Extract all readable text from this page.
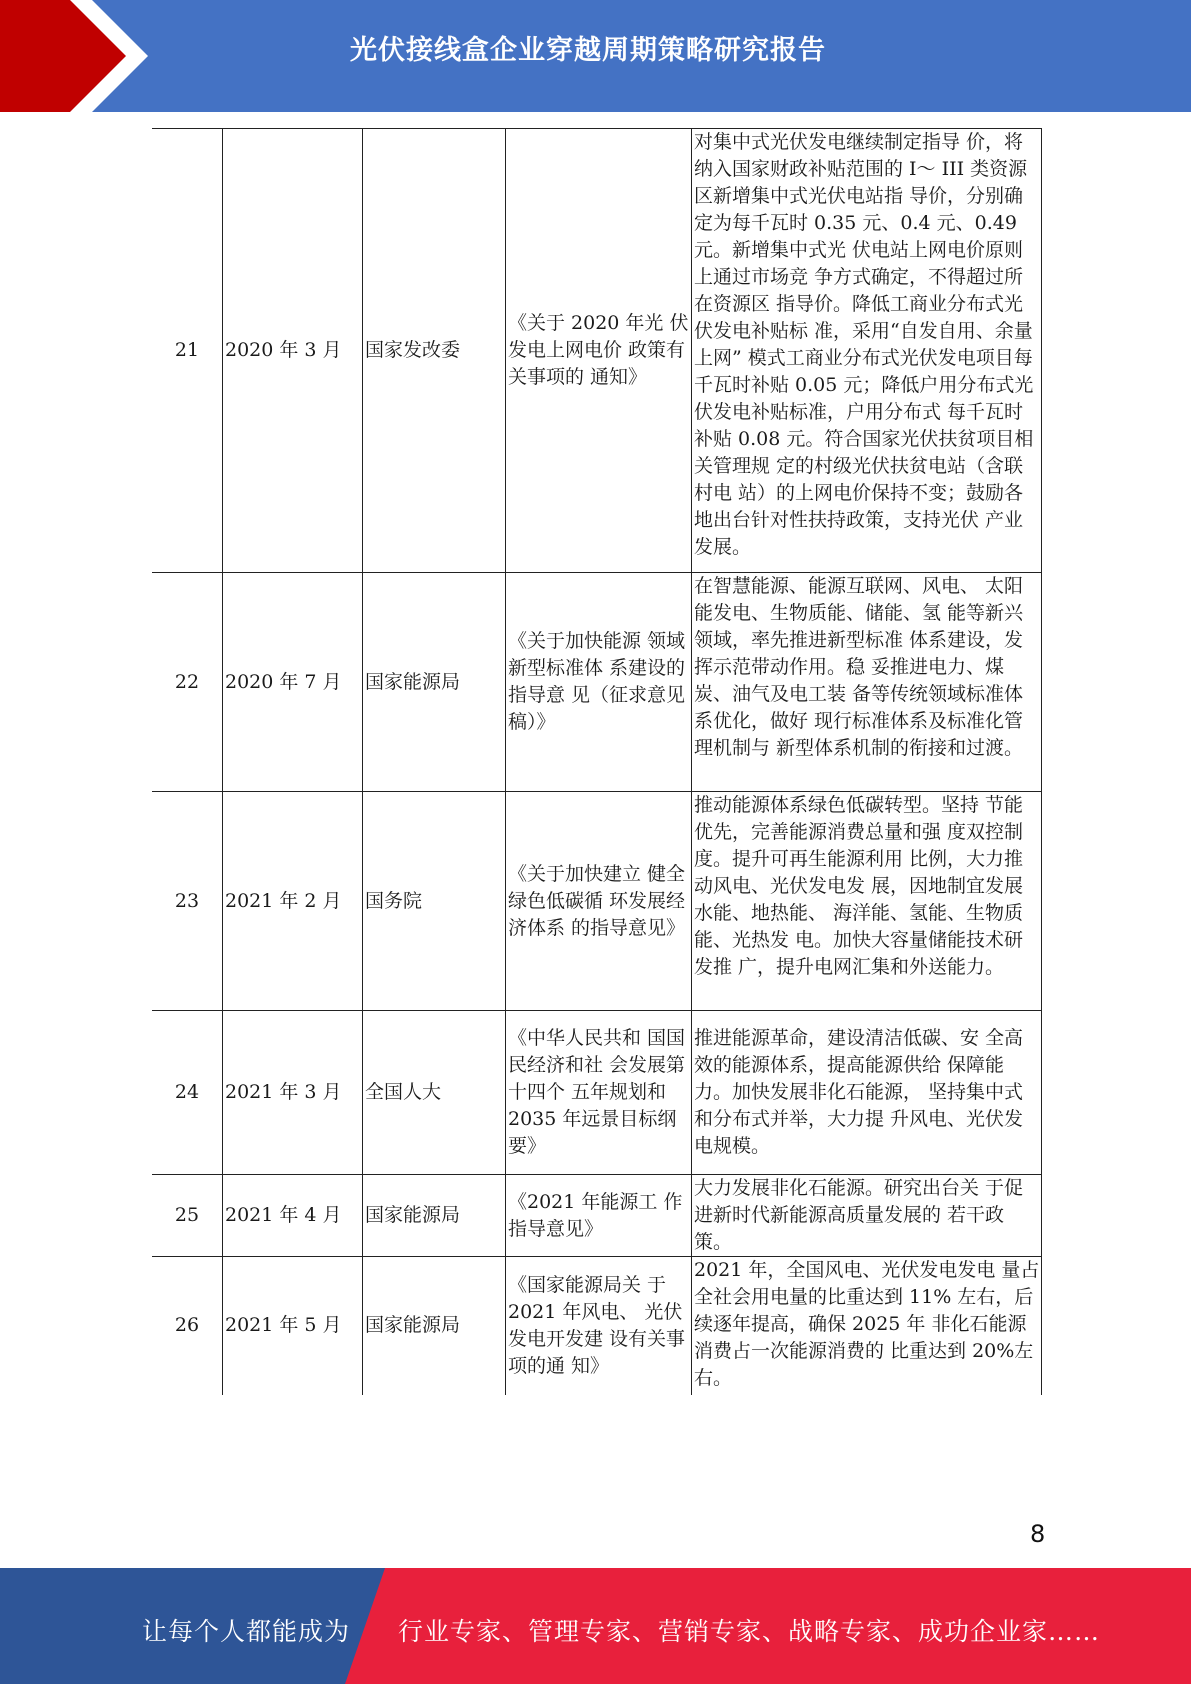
光伏接线盒企业穿越周期策略研究报告
21	2020 年 3 月	国家发改委	《关于 2020 年光 伏发电上网电价 政策有关事项的 通知》	对集中式光伏发电继续制定指导 价，将纳入国家财政补贴范围的 I～ III 类资源区新增集中式光伏电站指 导价，分别确定为每千瓦时 0.35 元、0.4 元、0.49 元。新增集中式光 伏电站上网电价原则上通过市场竞 争方式确定，不得超过所在资源区 指导价。降低工商业分布式光伏发电补贴标 准，采用“自发自用、余量上网” 模式工商业分布式光伏发电项目每 千瓦时补贴 0.05 元；降低户用分布式光伏发电补贴标准，户用分布式 每千瓦时补贴 0.08 元。符合国家光伏扶贫项目相关管理规 定的村级光伏扶贫电站（含联村电 站）的上网电价保持不变；鼓励各 地出台针对性扶持政策，支持光伏 产业发展。
22	2020 年 7 月	国家能源局	《关于加快能源 领域新型标准体 系建设的指导意 见（征求意见 稿）》	在智慧能源、能源互联网、风电、 太阳能发电、生物质能、储能、氢 能等新兴领域，率先推进新型标准 体系建设，发挥示范带动作用。稳 妥推进电力、煤炭、油气及电工装 备等传统领域标准体系优化，做好 现行标准体系及标准化管理机制与 新型体系机制的衔接和过渡。
23	2021 年 2 月	国务院	《关于加快建立 健全绿色低碳循 环发展经济体系 的指导意见》	推动能源体系绿色低碳转型。坚持 节能优先，完善能源消费总量和强 度双控制度。提升可再生能源利用 比例，大力推动风电、光伏发电发 展，因地制宜发展水能、地热能、 海洋能、氢能、生物质能、光热发 电。加快大容量储能技术研发推 广，提升电网汇集和外送能力。
24	2021 年 3 月	全国人大	《中华人民共和 国国民经济和社 会发展第十四个 五年规划和 2035 年远景目标纲 要》	推进能源革命，建设清洁低碳、安 全高效的能源体系，提高能源供给 保障能力。加快发展非化石能源， 坚持集中式和分布式并举，大力提 升风电、光伏发电规模。
25	2021 年 4 月	国家能源局	《2021 年能源工 作指导意见》	大力发展非化石能源。研究出台关 于促进新时代新能源高质量发展的 若干政策。
26	2021 年 5 月	国家能源局	《国家能源局关 于 2021 年风电、 光伏发电开发建 设有关事项的通 知》	2021 年，全国风电、光伏发电发电 量占全社会用电量的比重达到 11% 左右，后续逐年提高，确保 2025 年 非化石能源消费占一次能源消费的 比重达到 20%左右。
8
让每个人都能成为 行业专家、管理专家、营销专家、战略专家、成功企业家……
